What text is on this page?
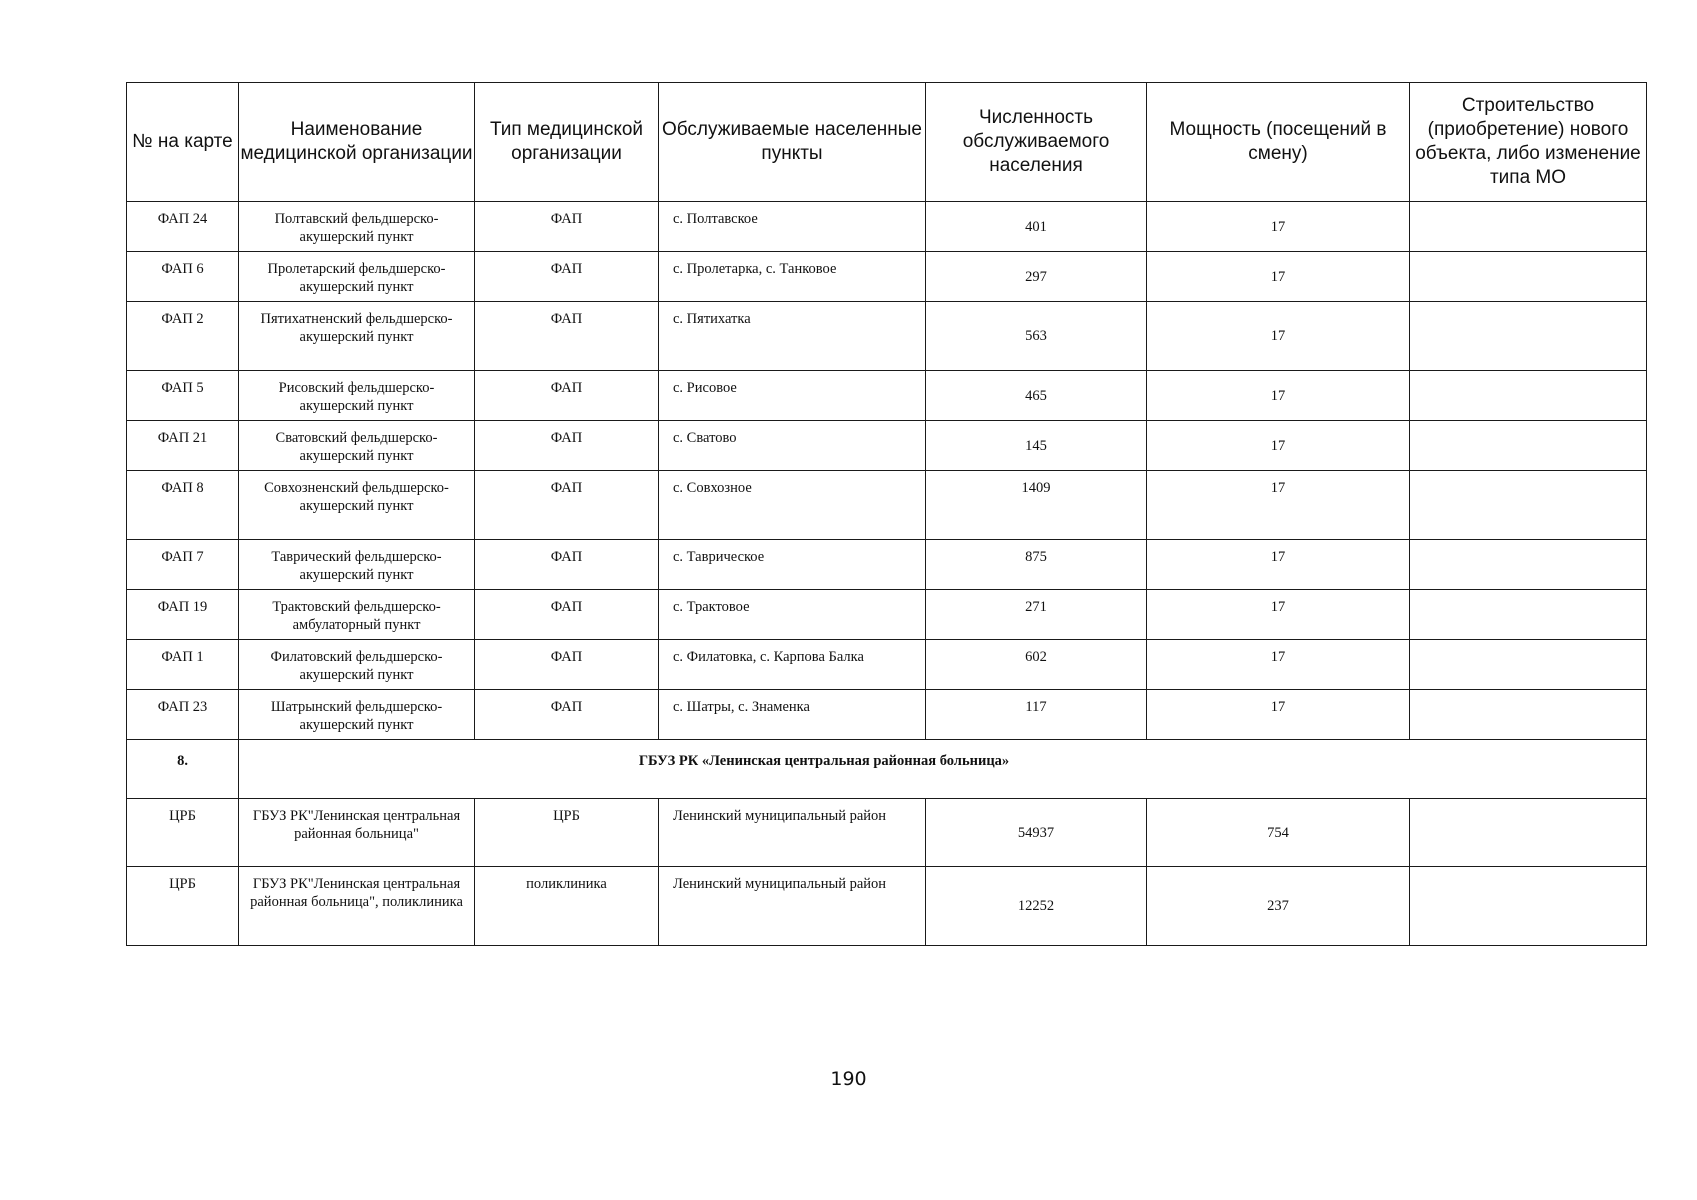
№ на карте	Наименование медицинской организации	Тип медицинской организации	Обслуживаемые населенные пункты	Численность обслуживаемого населения	Мощность (посещений в смену)	Строительство (приобретение) нового объекта, либо изменение типа МО
ФАП 24	Полтавский фельдшерско-акушерский пункт	ФАП	с. Полтавское	401	17	
ФАП 6	Пролетарский фельдшерско-акушерский пункт	ФАП	с. Пролетарка, с. Танковое	297	17	
ФАП 2	Пятихатненский фельдшерско- акушерский пункт	ФАП	с. Пятихатка	563	17	
ФАП 5	Рисовский фельдшерско-акушерский пункт	ФАП	с. Рисовое	465	17	
ФАП 21	Сватовский фельдшерско-акушерский пункт	ФАП	с. Сватово	145	17	
ФАП 8	Совхозненский фельдшерско- акушерский пункт	ФАП	с. Совхозное	1409	17	
ФАП 7	Таврический фельдшерско-акушерский пункт	ФАП	с. Таврическое	875	17	
ФАП 19	Трактовский фельдшерско-амбулаторный пункт	ФАП	с. Трактовое	271	17	
ФАП 1	Филатовский фельдшерско-акушерский пункт	ФАП	с. Филатовка, с. Карпова Балка	602	17	
ФАП 23	Шатрынский фельдшерско-акушерский пункт	ФАП	с. Шатры, с. Знаменка	117	17	
8.	ГБУЗ РК «Ленинская центральная районная больница»					
ЦРБ	ГБУЗ РК"Ленинская центральная районная больница"	ЦРБ	Ленинский муниципальный район	54937	754	
ЦРБ	ГБУЗ РК"Ленинская центральная районная больница", поликлиника	поликлиника	Ленинский муниципальный район	12252	237	
190
